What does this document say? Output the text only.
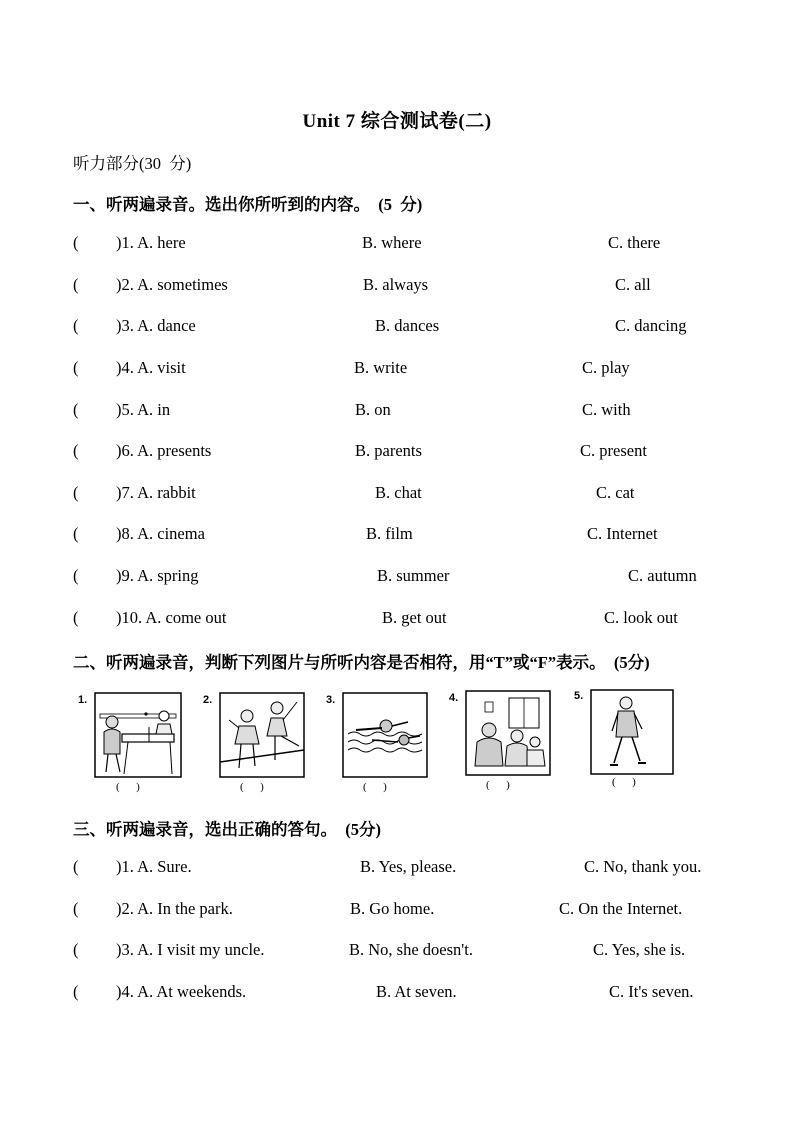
Unit 7 综合测试卷(二)
听力部分(30  分)
一、听两遍录音。选出你所听到的内容。  (5  分)
( )1. A. here	B. where	C. there
( )2. A. sometimes	B. always	C. all
( )3. A. dance	B. dances	C. dancing
( )4. A. visit	B. write	C. play
( )5. A. in	B. on	C. with
( )6. A. presents	B. parents	C. present
( )7. A. rabbit	B. chat	C. cat
( )8. A. cinema	B. film	C. Internet
( )9. A. spring	B. summer	C. autumn
( )10. A. come out	B. get out	C. look out
二、听两遍录音，判断下列图片与所听内容是否相符，用“T”或“F”表示。  (5分)
1.
(      )
2.
(      )
3.
(      )
4.
(      )
5.
(      )
三、听两遍录音，选出正确的答句。  (5分)
( )1. A. Sure.	B. Yes, please.	C. No, thank you.
( )2. A. In the park.	B. Go home.	C. On the Internet.
( )3. A. I visit my uncle.	B. No, she doesn't.	C. Yes, she is.
( )4. A. At weekends.	B. At seven.	C. It's seven.
